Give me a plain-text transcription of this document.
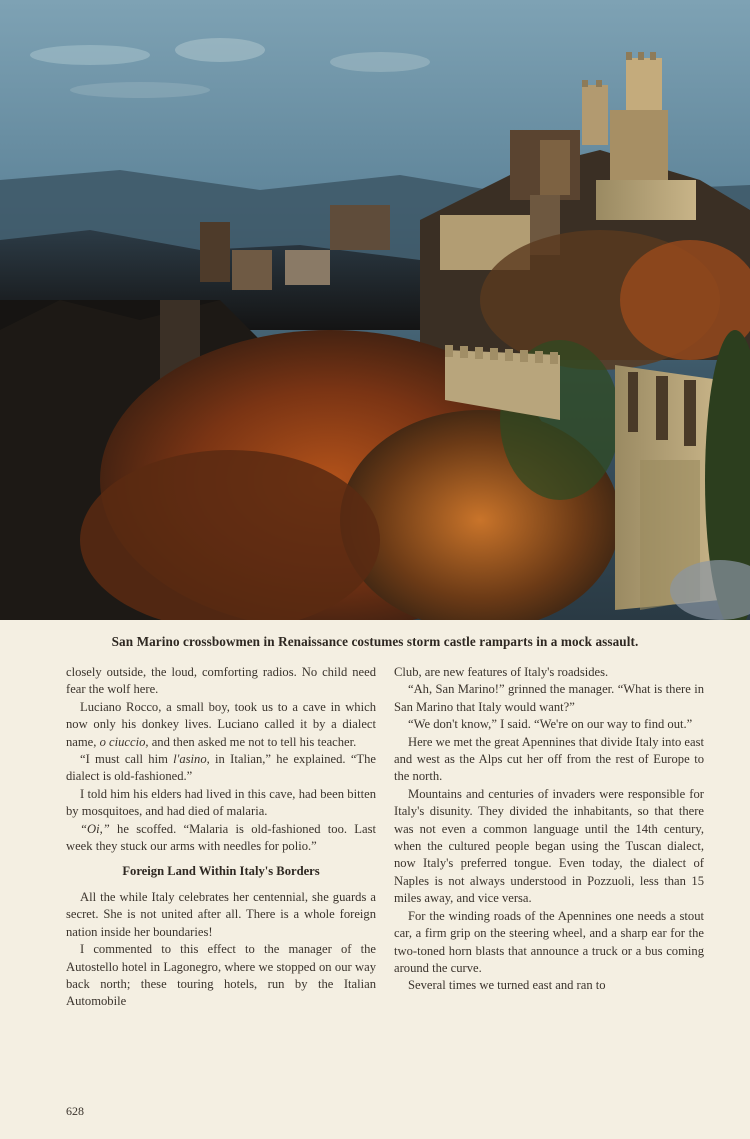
San Marino crossbowmen in Renaissance costumes storm castle ramparts in a mock assault.

closely outside, the loud, comforting radios. No child need fear the wolf here.

Luciano Rocco, a small boy, took us to a cave in which now only his donkey lives. Luciano called it by a dialect name, o ciuccio, and then asked me not to tell his teacher.

“I must call him l'asino, in Italian,” he explained. “The dialect is old-fashioned.”

I told him his elders had lived in this cave, had been bitten by mosquitoes, and had died of malaria.

“Oi,” he scoffed. “Malaria is old-fashioned too. Last week they stuck our arms with needles for polio.”

Foreign Land Within Italy's Borders

All the while Italy celebrates her centennial, she guards a secret. She is not united after all. There is a whole foreign nation inside her boundaries!

I commented to this effect to the manager of the Autostello hotel in Lagonegro, where we stopped on our way back north; these touring hotels, run by the Italian Automobile

Club, are new features of Italy's roadsides.

“Ah, San Marino!” grinned the manager. “What is there in San Marino that Italy would want?”

“We don't know,” I said. “We're on our way to find out.”

Here we met the great Apennines that divide Italy into east and west as the Alps cut her off from the rest of Europe to the north.

Mountains and centuries of invaders were responsible for Italy's disunity. They divided the inhabitants, so that there was not even a common language until the 14th century, when the cultured people began using the Tuscan dialect, now Italy's preferred tongue. Even today, the dialect of Naples is not always understood in Pozzuoli, less than 15 miles away, and vice versa.

For the winding roads of the Apennines one needs a stout car, a firm grip on the steering wheel, and a sharp ear for the two-toned horn blasts that announce a truck or a bus coming around the curve.

Several times we turned east and ran to

628
